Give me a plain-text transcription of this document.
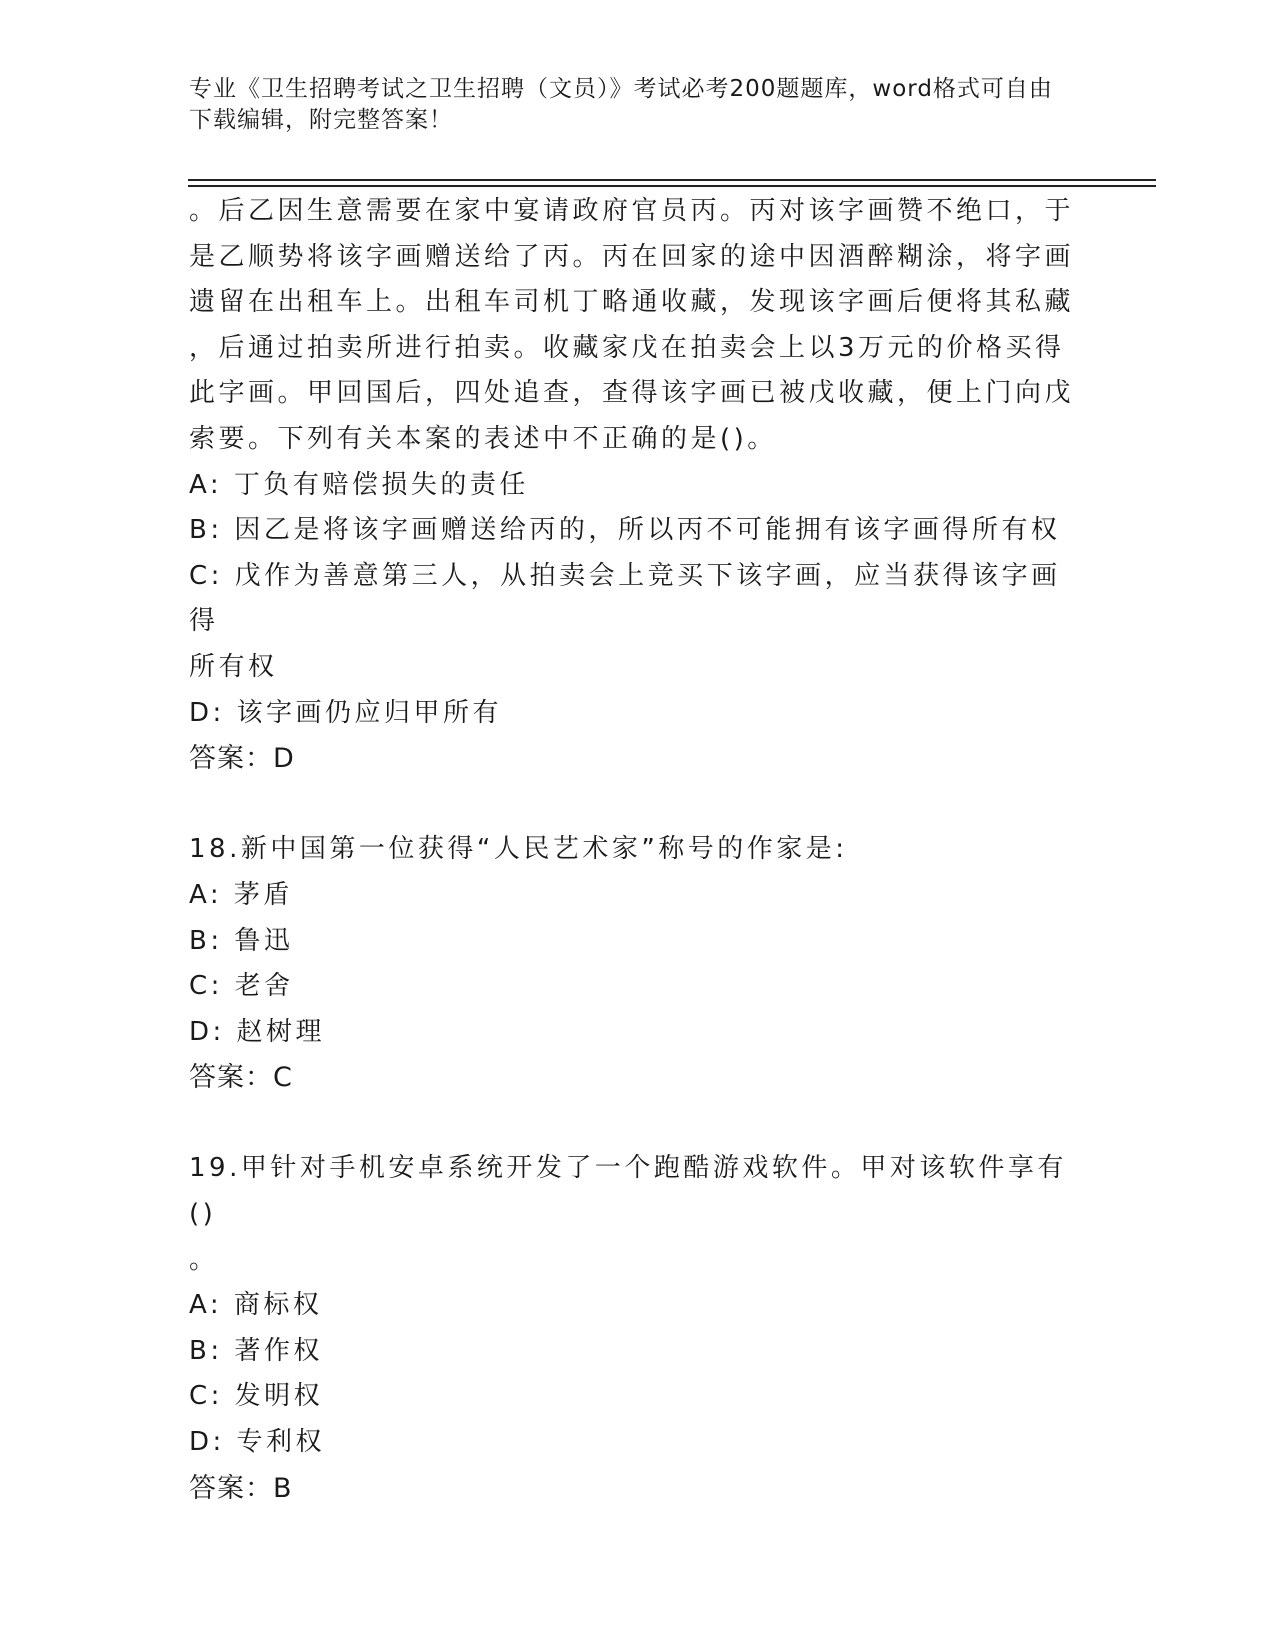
专业《卫生招聘考试之卫生招聘（文员）》考试必考200题题库，word格式可自由下载编辑，附完整答案！

。后乙因生意需要在家中宴请政府官员丙。丙对该字画赞不绝口，于

是乙顺势将该字画赠送给了丙。丙在回家的途中因酒醉糊涂，将字画

遗留在出租车上。出租车司机丁略通收藏，发现该字画后便将其私藏

，后通过拍卖所进行拍卖。收藏家戊在拍卖会上以3万元的价格买得

此字画。甲回国后，四处追查，查得该字画已被戊收藏，便上门向戊

索要。下列有关本案的表述中不正确的是()。

A: 丁负有赔偿损失的责任

B: 因乙是将该字画赠送给丙的，所以丙不可能拥有该字画得所有权

C: 戊作为善意第三人，从拍卖会上竞买下该字画，应当获得该字画得

所有权

D: 该字画仍应归甲所有

答案：D

18.新中国第一位获得“人民艺术家”称号的作家是:

A: 茅盾

B: 鲁迅

C: 老舍

D: 赵树理

答案：C

19.甲针对手机安卓系统开发了一个跑酷游戏软件。甲对该软件享有()

。

A: 商标权

B: 著作权

C: 发明权

D: 专利权

答案：B
